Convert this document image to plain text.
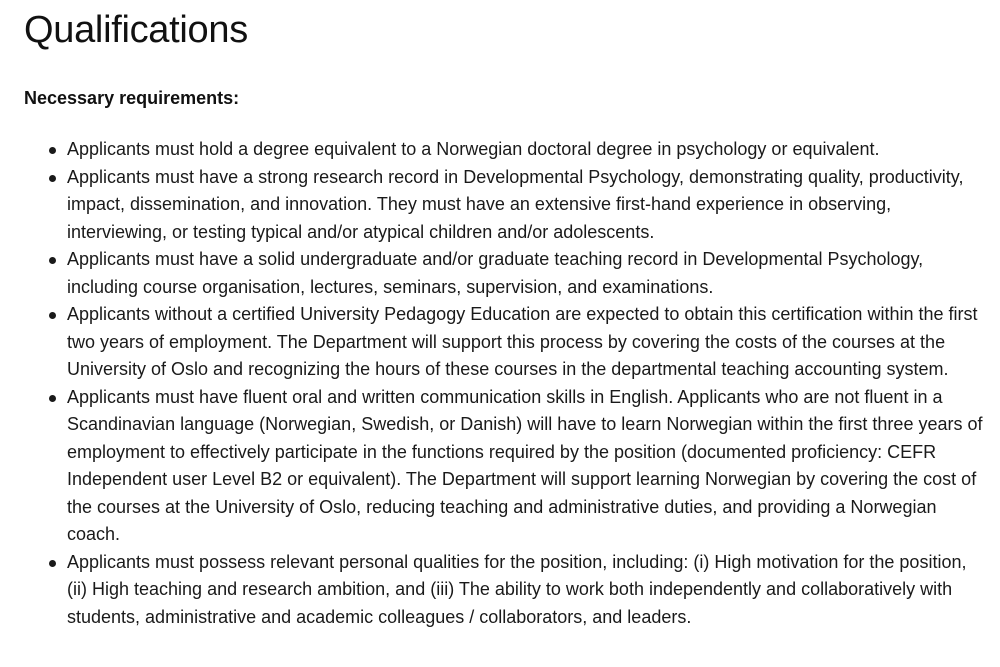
Qualifications
Necessary requirements:
Applicants must hold a degree equivalent to a Norwegian doctoral degree in psychology or equivalent.
Applicants must have a strong research record in Developmental Psychology, demonstrating quality, productivity, impact, dissemination, and innovation. They must have an extensive first-hand experience in observing, interviewing, or testing typical and/or atypical children and/or adolescents.
Applicants must have a solid undergraduate and/or graduate teaching record in Developmental Psychology, including course organisation, lectures, seminars, supervision, and examinations.
Applicants without a certified University Pedagogy Education are expected to obtain this certification within the first two years of employment. The Department will support this process by covering the costs of the courses at the University of Oslo and recognizing the hours of these courses in the departmental teaching accounting system.
Applicants must have fluent oral and written communication skills in English. Applicants who are not fluent in a Scandinavian language (Norwegian, Swedish, or Danish) will have to learn Norwegian within the first three years of employment to effectively participate in the functions required by the position (documented proficiency: CEFR Independent user Level B2 or equivalent). The Department will support learning Norwegian by covering the cost of the courses at the University of Oslo, reducing teaching and administrative duties, and providing a Norwegian coach.
Applicants must possess relevant personal qualities for the position, including: (i) High motivation for the position, (ii) High teaching and research ambition, and (iii) The ability to work both independently and collaboratively with students, administrative and academic colleagues / collaborators, and leaders.
